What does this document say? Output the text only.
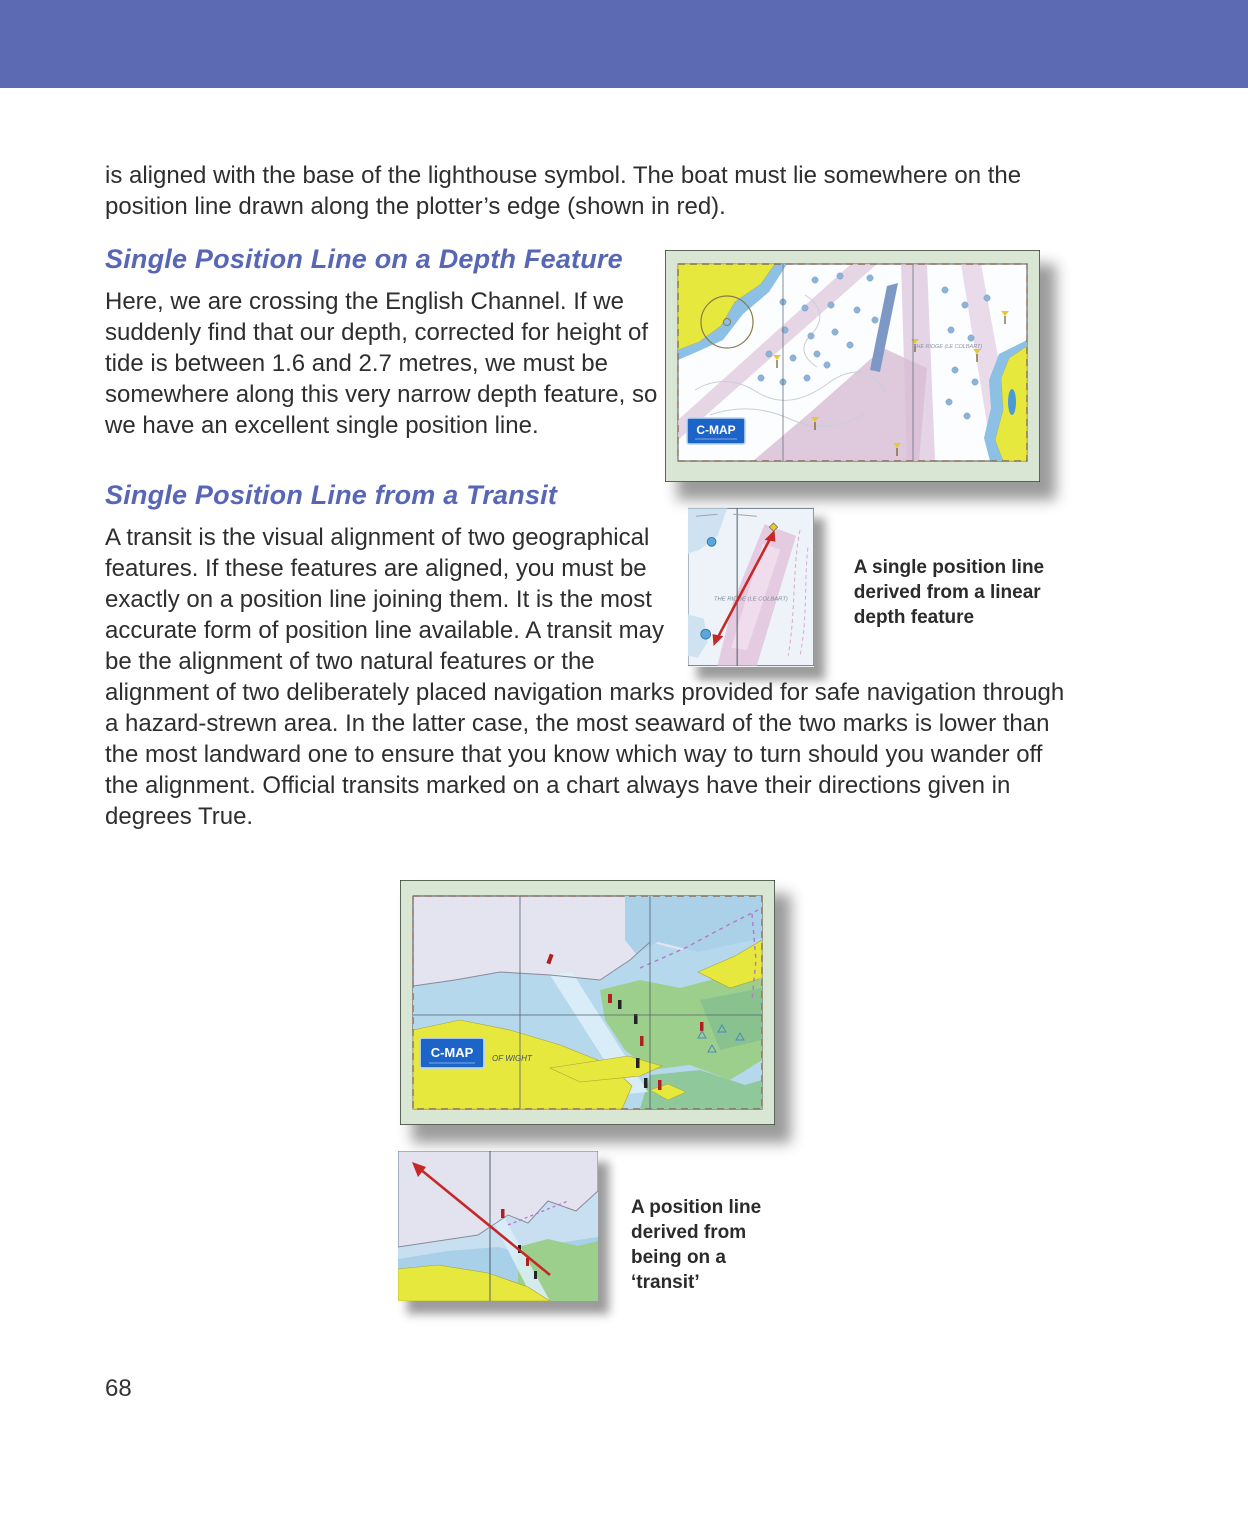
is aligned with the base of the lighthouse symbol. The boat must lie somewhere on the position line drawn along the plotter’s edge (shown in red).

THE RIDGE (LE COLBART)
C-MAP
THE RIDGE (LE COLBART)
A single position line derived from a linear depth feature
Single Position Line on a Depth Feature

Here, we are crossing the English Channel. If we suddenly find that our depth, corrected for height of tide is between 1.6 and 2.7 metres, we must be somewhere along this very narrow depth feature, so we have an excellent single position line.

Single Position Line from a Transit

A transit is the visual alignment of two geographical features. If these features are aligned, you must be exactly on a position line joining them. It is the most accurate form of position line available. A transit may be the alignment of two natural features or the alignment of two deliberately placed navigation marks provided for safe navigation through a hazard-strewn area. In the latter case, the most seaward of the two marks is lower than the most landward one to ensure that you know which way to turn should you wander off the alignment. Official transits marked on a chart always have their directions given in degrees True.

C-MAP OF WIGHT
A position line derived from being on a ‘transit’
68
